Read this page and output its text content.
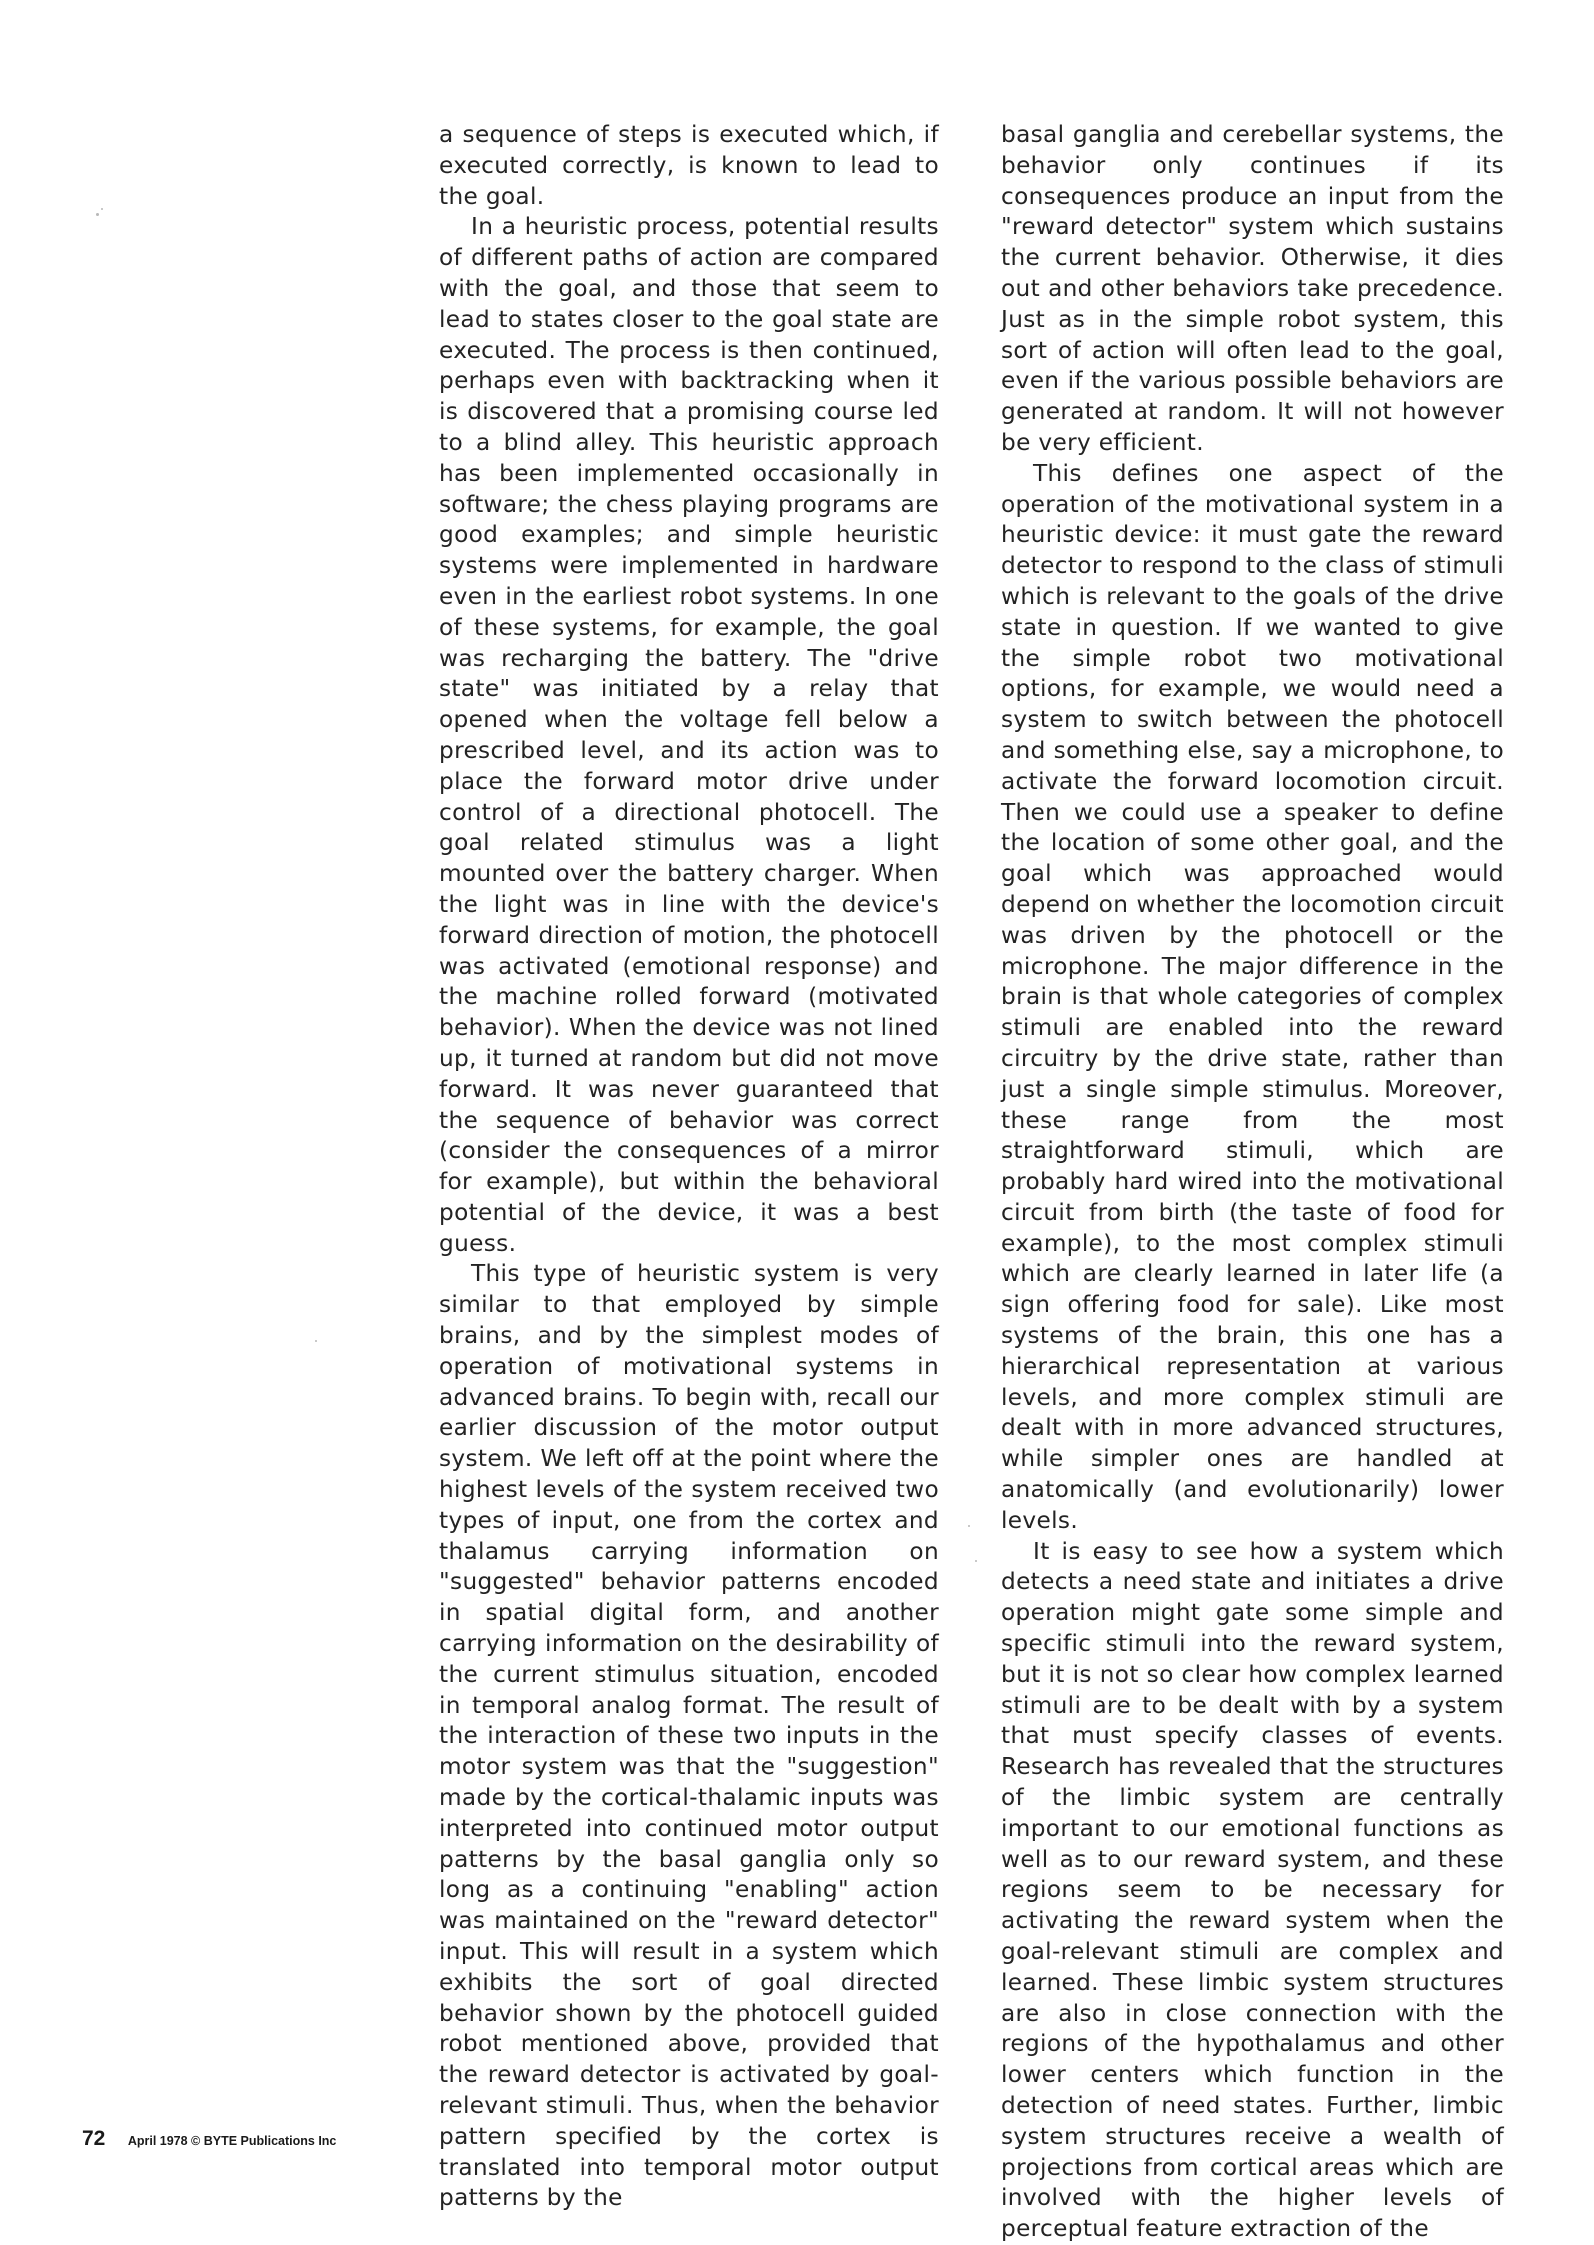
a sequence of steps is executed which, if executed correctly, is known to lead to the goal.

In a heuristic process, potential results of different paths of action are compared with the goal, and those that seem to lead to states closer to the goal state are executed. The process is then continued, perhaps even with backtracking when it is discovered that a promising course led to a blind alley. This heuristic approach has been implemented occasionally in software; the chess playing programs are good examples; and simple heuristic systems were implemented in hardware even in the earliest robot systems. In one of these systems, for example, the goal was recharging the battery. The "drive state" was initiated by a relay that opened when the voltage fell below a prescribed level, and its action was to place the forward motor drive under control of a directional photocell. The goal related stimulus was a light mounted over the battery charger. When the light was in line with the device's forward direction of motion, the photocell was activated (emotional response) and the machine rolled forward (motivated behavior). When the device was not lined up, it turned at random but did not move forward. It was never guaranteed that the sequence of behavior was correct (consider the consequences of a mirror for example), but within the behavioral potential of the device, it was a best guess.

This type of heuristic system is very similar to that employed by simple brains, and by the simplest modes of operation of motivational systems in advanced brains. To begin with, recall our earlier discussion of the motor output system. We left off at the point where the highest levels of the system received two types of input, one from the cortex and thalamus carrying information on "suggested" behavior patterns encoded in spatial digital form, and another carrying information on the desirability of the current stimulus situation, encoded in temporal analog format. The result of the interaction of these two inputs in the motor system was that the "suggestion" made by the cortical-thalamic inputs was interpreted into continued motor output patterns by the basal ganglia only so long as a continuing "enabling" action was maintained on the "reward detector" input. This will result in a system which exhibits the sort of goal directed behavior shown by the photocell guided robot mentioned above, provided that the reward detector is activated by goal-relevant stimuli. Thus, when the behavior pattern specified by the cortex is translated into temporal motor output patterns by the

basal ganglia and cerebellar systems, the behavior only continues if its consequences produce an input from the "reward detector" system which sustains the current behavior. Otherwise, it dies out and other behaviors take precedence. Just as in the simple robot system, this sort of action will often lead to the goal, even if the various possible behaviors are generated at random. It will not however be very efficient.

This defines one aspect of the operation of the motivational system in a heuristic device: it must gate the reward detector to respond to the class of stimuli which is relevant to the goals of the drive state in question. If we wanted to give the simple robot two motivational options, for example, we would need a system to switch between the photocell and something else, say a microphone, to activate the forward locomotion circuit. Then we could use a speaker to define the location of some other goal, and the goal which was approached would depend on whether the locomotion circuit was driven by the photocell or the microphone. The major difference in the brain is that whole categories of complex stimuli are enabled into the reward circuitry by the drive state, rather than just a single simple stimulus. Moreover, these range from the most straightforward stimuli, which are probably hard wired into the motivational circuit from birth (the taste of food for example), to the most complex stimuli which are clearly learned in later life (a sign offering food for sale). Like most systems of the brain, this one has a hierarchical representation at various levels, and more complex stimuli are dealt with in more advanced structures, while simpler ones are handled at anatomically (and evolutionarily) lower levels.

It is easy to see how a system which detects a need state and initiates a drive operation might gate some simple and specific stimuli into the reward system, but it is not so clear how complex learned stimuli are to be dealt with by a system that must specify classes of events. Research has revealed that the structures of the limbic system are centrally important to our emotional functions as well as to our reward system, and these regions seem to be necessary for activating the reward system when the goal-relevant stimuli are complex and learned. These limbic system structures are also in close connection with the regions of the hypothalamus and other lower centers which function in the detection of need states. Further, limbic system structures receive a wealth of projections from cortical areas which are involved with the higher levels of perceptual feature extraction of the

72 April 1978 © BYTE Publications Inc
